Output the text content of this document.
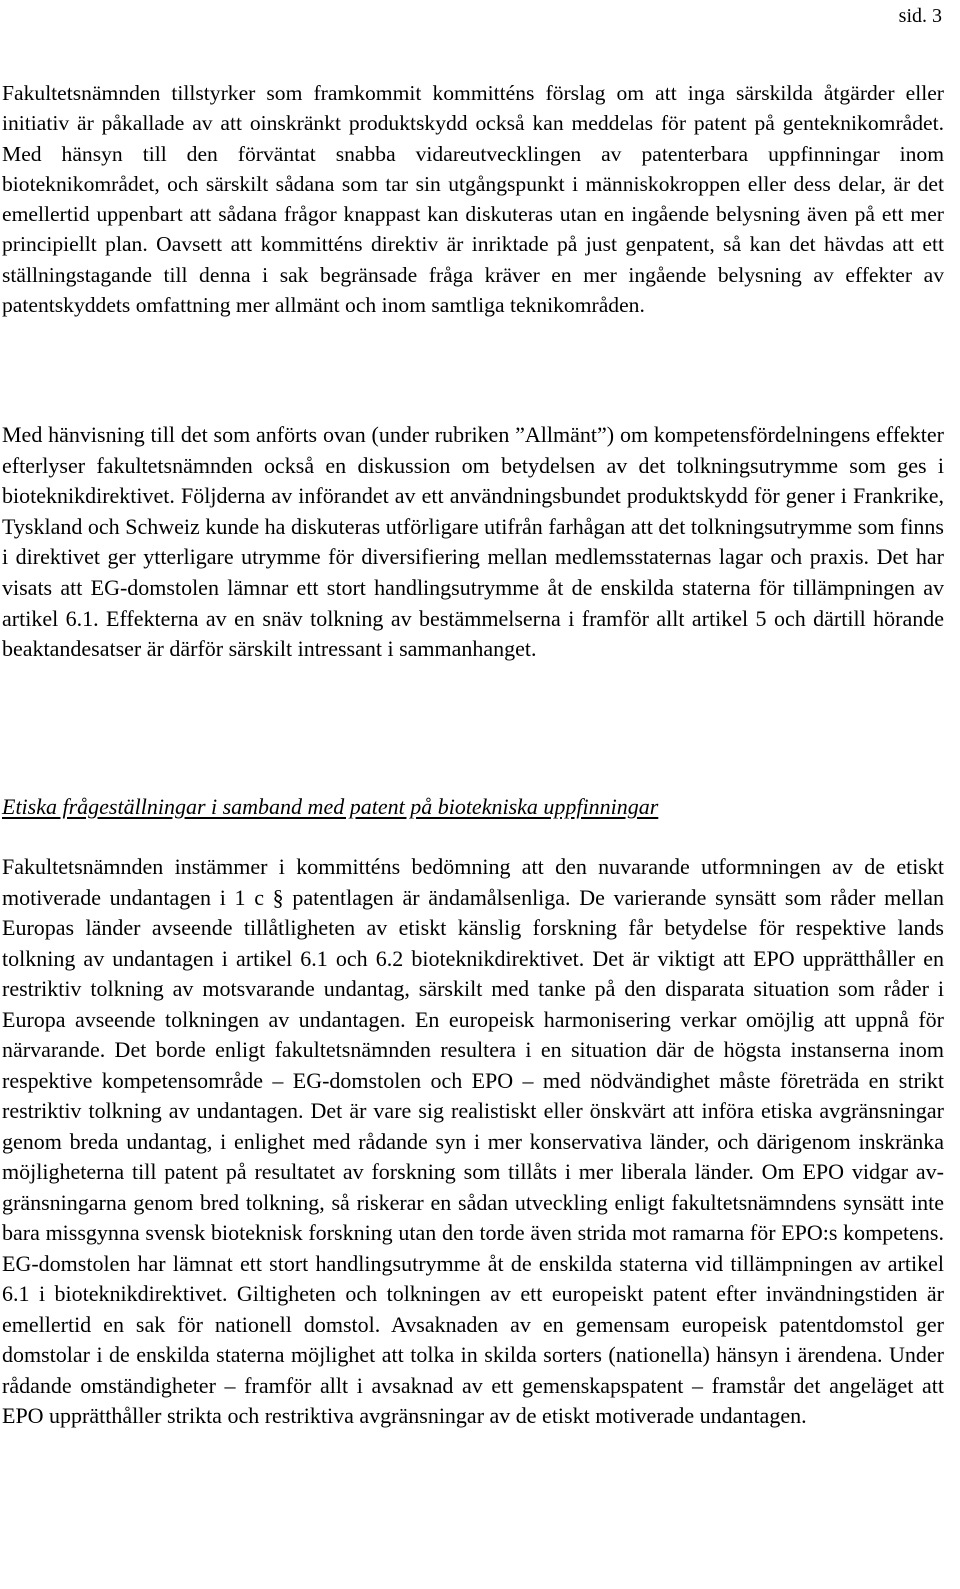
sid. 3

Fakultetsnämnden tillstyrker som framkommit kommitténs förslag om att inga särskilda åtgärder eller initiativ är påkallade av att oinskränkt produktskydd också kan meddelas för patent på genteknikområdet. Med hänsyn till den förväntat snabba vidareutvecklingen av patenterbara uppfinningar inom bioteknikområdet, och särskilt sådana som tar sin utgångspunkt i människokroppen eller dess delar, är det emellertid uppenbart att sådana frågor knappast kan diskuteras utan en ingående belysning även på ett mer principiellt plan. Oavsett att kommitténs direktiv är inriktade på just genpatent, så kan det hävdas att ett ställningstagande till denna i sak begränsade fråga kräver en mer ingående belysning av effekter av patentskyddets omfattning mer allmänt och inom samtliga teknikområden.

Med hänvisning till det som anförts ovan (under rubriken ”Allmänt”) om kompetensfördelningens effekter efterlyser fakultetsnämnden också en diskussion om betydelsen av det tolkningsutrymme som ges i bioteknikdirektivet. Följderna av införandet av ett användningsbundet produktskydd för gener i Frankrike, Tyskland och Schweiz kunde ha diskuteras utförligare utifrån farhågan att det tolkningsutrymme som finns i direktivet ger ytterligare utrymme för diversifiering mellan medlemsstaternas lagar och praxis. Det har visats att EG-domstolen lämnar ett stort handlingsutrymme åt de enskilda staterna för tillämpningen av artikel 6.1. Effekterna av en snäv tolkning av bestämmelserna i framför allt artikel 5 och därtill hörande beaktandesatser är därför särskilt intressant i sammanhanget.

Etiska frågeställningar i samband med patent på biotekniska uppfinningar

Fakultetsnämnden instämmer i kommitténs bedömning att den nuvarande utformningen av de etiskt motiverade undantagen i 1 c § patentlagen är ändamålsenliga. De varierande synsätt som råder mellan Europas länder avseende tillåtligheten av etiskt känslig forskning får betydelse för respektive lands tolkning av undantagen i artikel 6.1 och 6.2 bioteknikdirektivet. Det är viktigt att EPO upprätthåller en restriktiv tolkning av motsvarande undantag, särskilt med tanke på den disparata situation som råder i Europa avseende tolkningen av undantagen. En europeisk harmonisering verkar omöjlig att uppnå för närvarande. Det borde enligt fakultetsnämnden resultera i en situation där de högsta instanserna inom respektive kompetensområde – EG-domstolen och EPO – med nödvändighet måste företräda en strikt restriktiv tolkning av undantagen. Det är vare sig realistiskt eller önskvärt att införa etiska avgränsningar genom breda undantag, i enlighet med rådande syn i mer konservativa länder, och därigenom inskränka möjligheterna till patent på resultatet av forskning som tillåts i mer liberala länder. Om EPO vidgar avgränsningarna genom bred tolkning, så riskerar en sådan utveckling enligt fakultetsnämndens synsätt inte bara missgynna svensk bioteknisk forskning utan den torde även strida mot ramarna för EPO:s kompetens. EG-domstolen har lämnat ett stort handlingsutrymme åt de enskilda staterna vid tillämpningen av artikel 6.1 i bioteknikdirektivet. Giltigheten och tolkningen av ett europeiskt patent efter invändningstiden är emellertid en sak för nationell domstol. Avsaknaden av en gemensam europeisk patentdomstol ger domstolar i de enskilda staterna möjlighet att tolka in skilda sorters (nationella) hänsyn i ärendena. Under rådande omständigheter – framför allt i avsaknad av ett gemenskapspatent – framstår det angeläget att EPO upprätthåller strikta och restriktiva avgränsningar av de etiskt motiverade undantagen.
